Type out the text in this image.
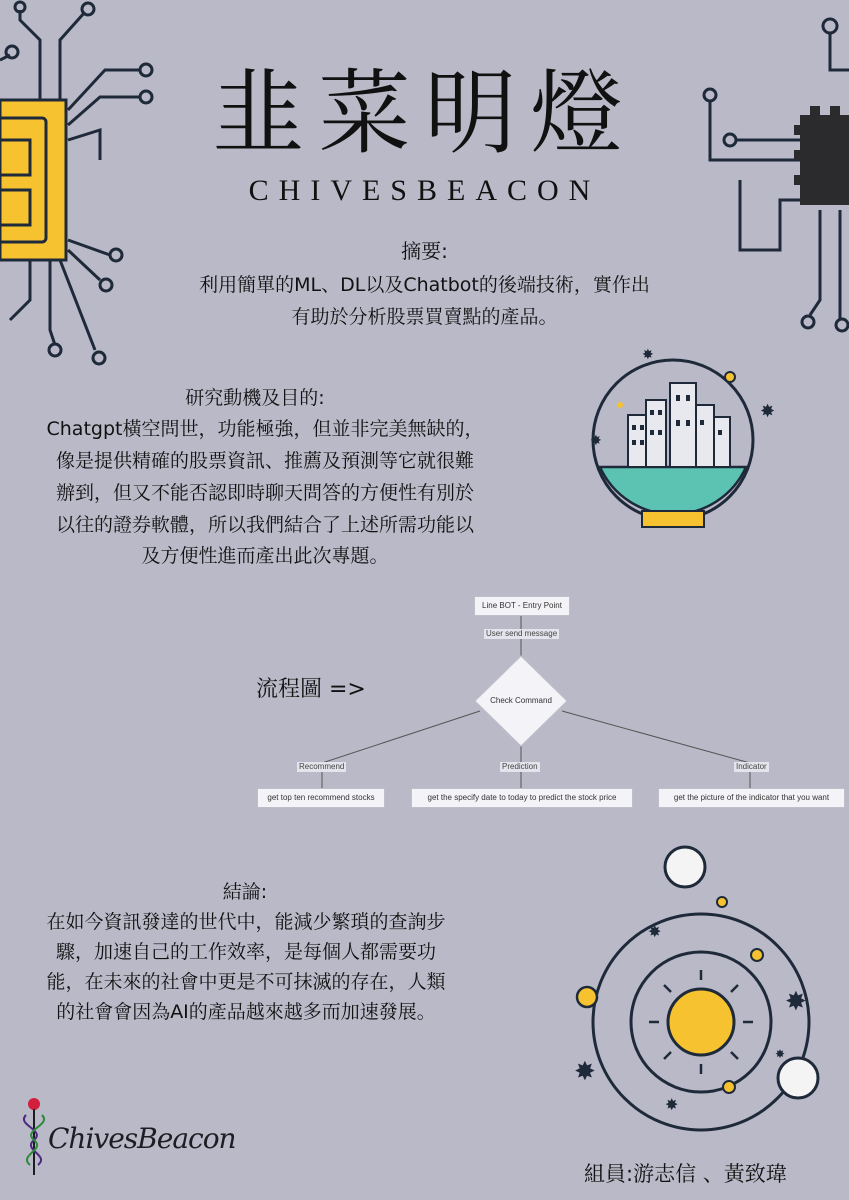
韭菜明燈
CHIVESBEACON
摘要:
利用簡單的ML、DL以及Chatbot的後端技術，實作出
有助於分析股票買賣點的產品。
研究動機及目的:
Chatgpt橫空問世，功能極強，但並非完美無缺的，
像是提供精確的股票資訊、推薦及預測等它就很難
辦到，但又不能否認即時聊天問答的方便性有別於
以往的證券軟體，所以我們結合了上述所需功能以
及方便性進而產出此次專題。
✸
✸
✸
流程圖 =>
Line BOT - Entry Point
User send message
Check Command
Recommend	Prediction	Indicator
get top ten recommend stocks	get the specify date to today to predict the stock price	get the picture of the indicator that you want
結論:
在如今資訊發達的世代中，能減少繁瑣的查詢步
驟，加速自己的工作效率，是每個人都需要功
能，在未來的社會中更是不可抹滅的存在，人類
的社會會因為AI的產品越來越多而加速發展。	✸
✸
✸
✸
✸
ChivesBeacon
組員:游志信 、黃致瑋
